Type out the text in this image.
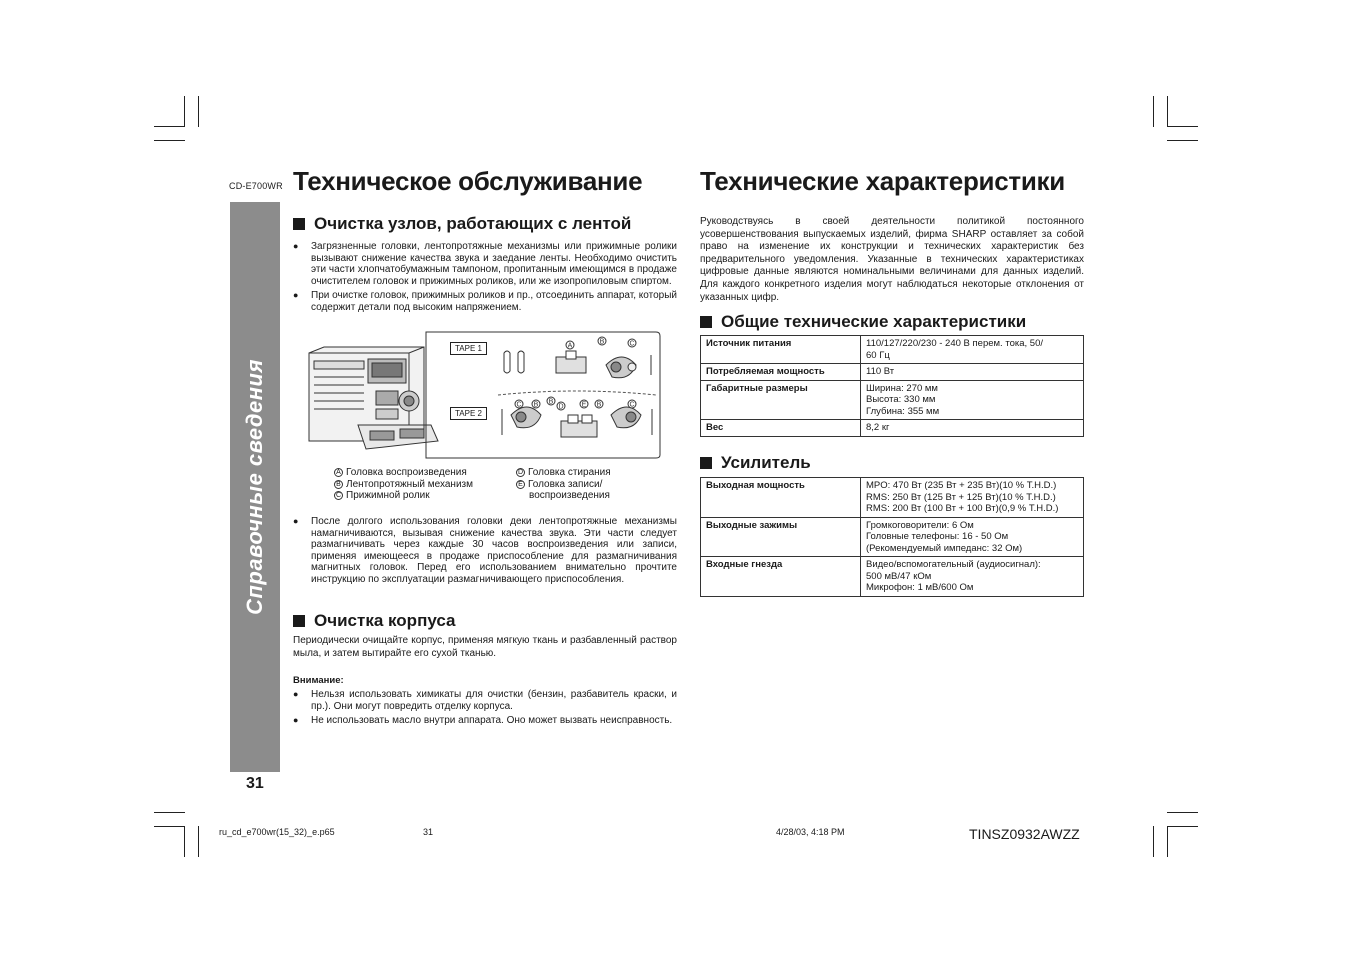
CD-E700WR
Справочные сведения
31
Техническое обслуживание
Очистка узлов, работающих с лентой
● Загрязненные головки, лентопротяжные механизмы или прижимные ролики вызывают снижение качества звука и заедание ленты. Необходимо очистить эти части хлопчатобумажным тампоном, пропитанным имеющимся в продаже очистителем головок и прижимных роликов, или же изопропиловым спиртом.
● При очистке головок, прижимных роликов и пр., отсоединить аппарат, который содержит детали под высоким напряжением.
A
B	C
C B B
D	E B	C
TAPE 1
TAPE 2
A Головка воспроизведения
B Лентопротяжный механизм
C Прижимной ролик
D Головка стирания
E Головка записи/
воспроизведения
● После долгого использования головки деки лентопротяжные механизмы намагничиваются, вызывая снижение качества звука. Эти части следует размагничивать через каждые 30 часов воспроизведения или записи, применяя имеющееся в продаже приспособление для размагничивания магнитных головок. Перед его использованием внимательно прочтите инструкцию по эксплуатации размагничивающего приспособления.
Очистка корпуса

Периодически очищайте корпус, применяя мягкую ткань и разбавленный раствор мыла, и затем вытирайте его сухой тканью.

Внимание:
● Нельзя использовать химикаты для очистки (бензин, разбавитель краски, и пр.). Они могут повредить отделку корпуса.
● Не использовать масло внутри аппарата. Оно может вызвать неисправность.
Технические характеристики

Руководствуясь в своей деятельности политикой постоянного усовершенствования выпускаемых изделий, фирма SHARP оставляет за собой право на изменение их конструкции и технических характеристик без предварительного уведомления. Указанные в технических характеристиках цифровые данные являются номинальными величинами для данных изделий. Для каждого конкретного изделия могут наблюдаться некоторые отклонения от указанных цифр.

Общие технические характеристики
Источник питания	110/127/220/230 - 240 В перем. тока, 50/
60 Гц

Потребляемая мощность	110 Вт

Габаритные размеры	Ширина: 270 мм
Высота: 330 мм
Глубина: 355 мм

Вес	8,2 кг
Усилитель
Выходная мощность	MPO: 470 Вт (235 Вт + 235 Вт)(10 % T.H.D.)
RMS: 250 Вт (125 Вт + 125 Вт)(10 % T.H.D.)
RMS: 200 Вт (100 Вт + 100 Вт)(0,9 % T.H.D.)

Выходные зажимы	Громкоговорители: 6 Ом
Головные телефоны: 16 - 50 Ом
(Рекомендуемый импеданс: 32 Ом)

Входные гнезда	Видео/вспомогательный (аудиосигнал):
500 мВ/47 кОм
Микрофон: 1 мВ/600 Ом
ru_cd_e700wr(15_32)_e.p65	31	4/28/03, 4:18 PM	TINSZ0932AWZZ
